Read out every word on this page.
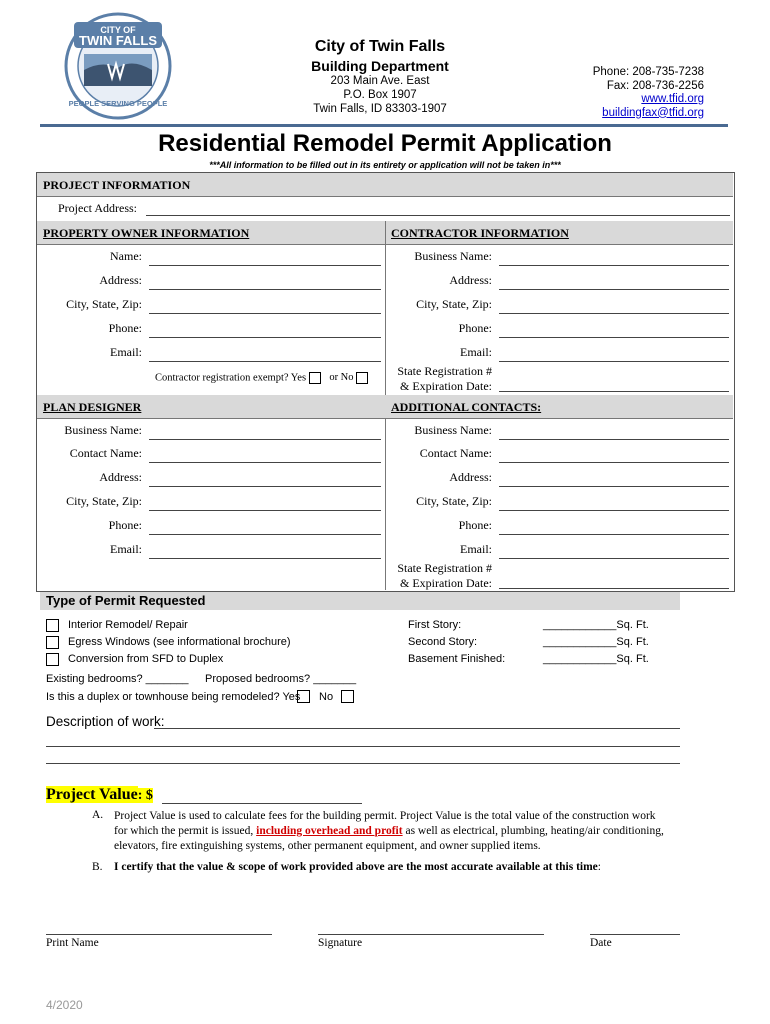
CITY OF
TWIN FALLS
PEOPLE SERVING PEOPLE
City of Twin Falls
Building Department
203 Main Ave. East
P.O. Box 1907
Twin Falls, ID 83303-1907
Phone: 208-735-7238
Fax: 208-736-2256
www.tfid.org
buildingfax@tfid.org
Residential Remodel Permit Application
***All information to be filled out in its entirety or application will not be taken in***
PROJECT INFORMATION
Project Address:
PROPERTY OWNER INFORMATION	CONTRACTOR INFORMATION
Name:
Address:
City, State, Zip:
Phone:
Email:
Contractor registration exempt? Yes or No
Business Name:
Address:
City, State, Zip:
Phone:
Email:
State Registration #
& Expiration Date:
PLAN DESIGNER	ADDITIONAL CONTACTS:
Business Name:
Contact Name:
Address:
City, State, Zip:
Phone:
Email:
Business Name:
Contact Name:
Address:
City, State, Zip:
Phone:
Email:
State Registration #
& Expiration Date:
Type of Permit Requested
Interior Remodel/ Repair
Egress Windows (see informational brochure)
Conversion from SFD to Duplex
First Story:	____________Sq. Ft.
Second Story:	____________Sq. Ft.
Basement Finished:	____________Sq. Ft.
Existing bedrooms? _______ Proposed bedrooms? _______
Is this a duplex or townhouse being remodeled? Yes No
Description of work:
Project Value: $
A. Project Value is used to calculate fees for the building permit. Project Value is the total value of the construction work
for which the permit is issued, including overhead and profit as well as electrical, plumbing, heating/air conditioning,
elevators, fire extinguishing systems, other permanent equipment, and owner supplied items.
B. I certify that the value & scope of work provided above are the most accurate available at this time:
Print Name	Signature	Date
4/2020
